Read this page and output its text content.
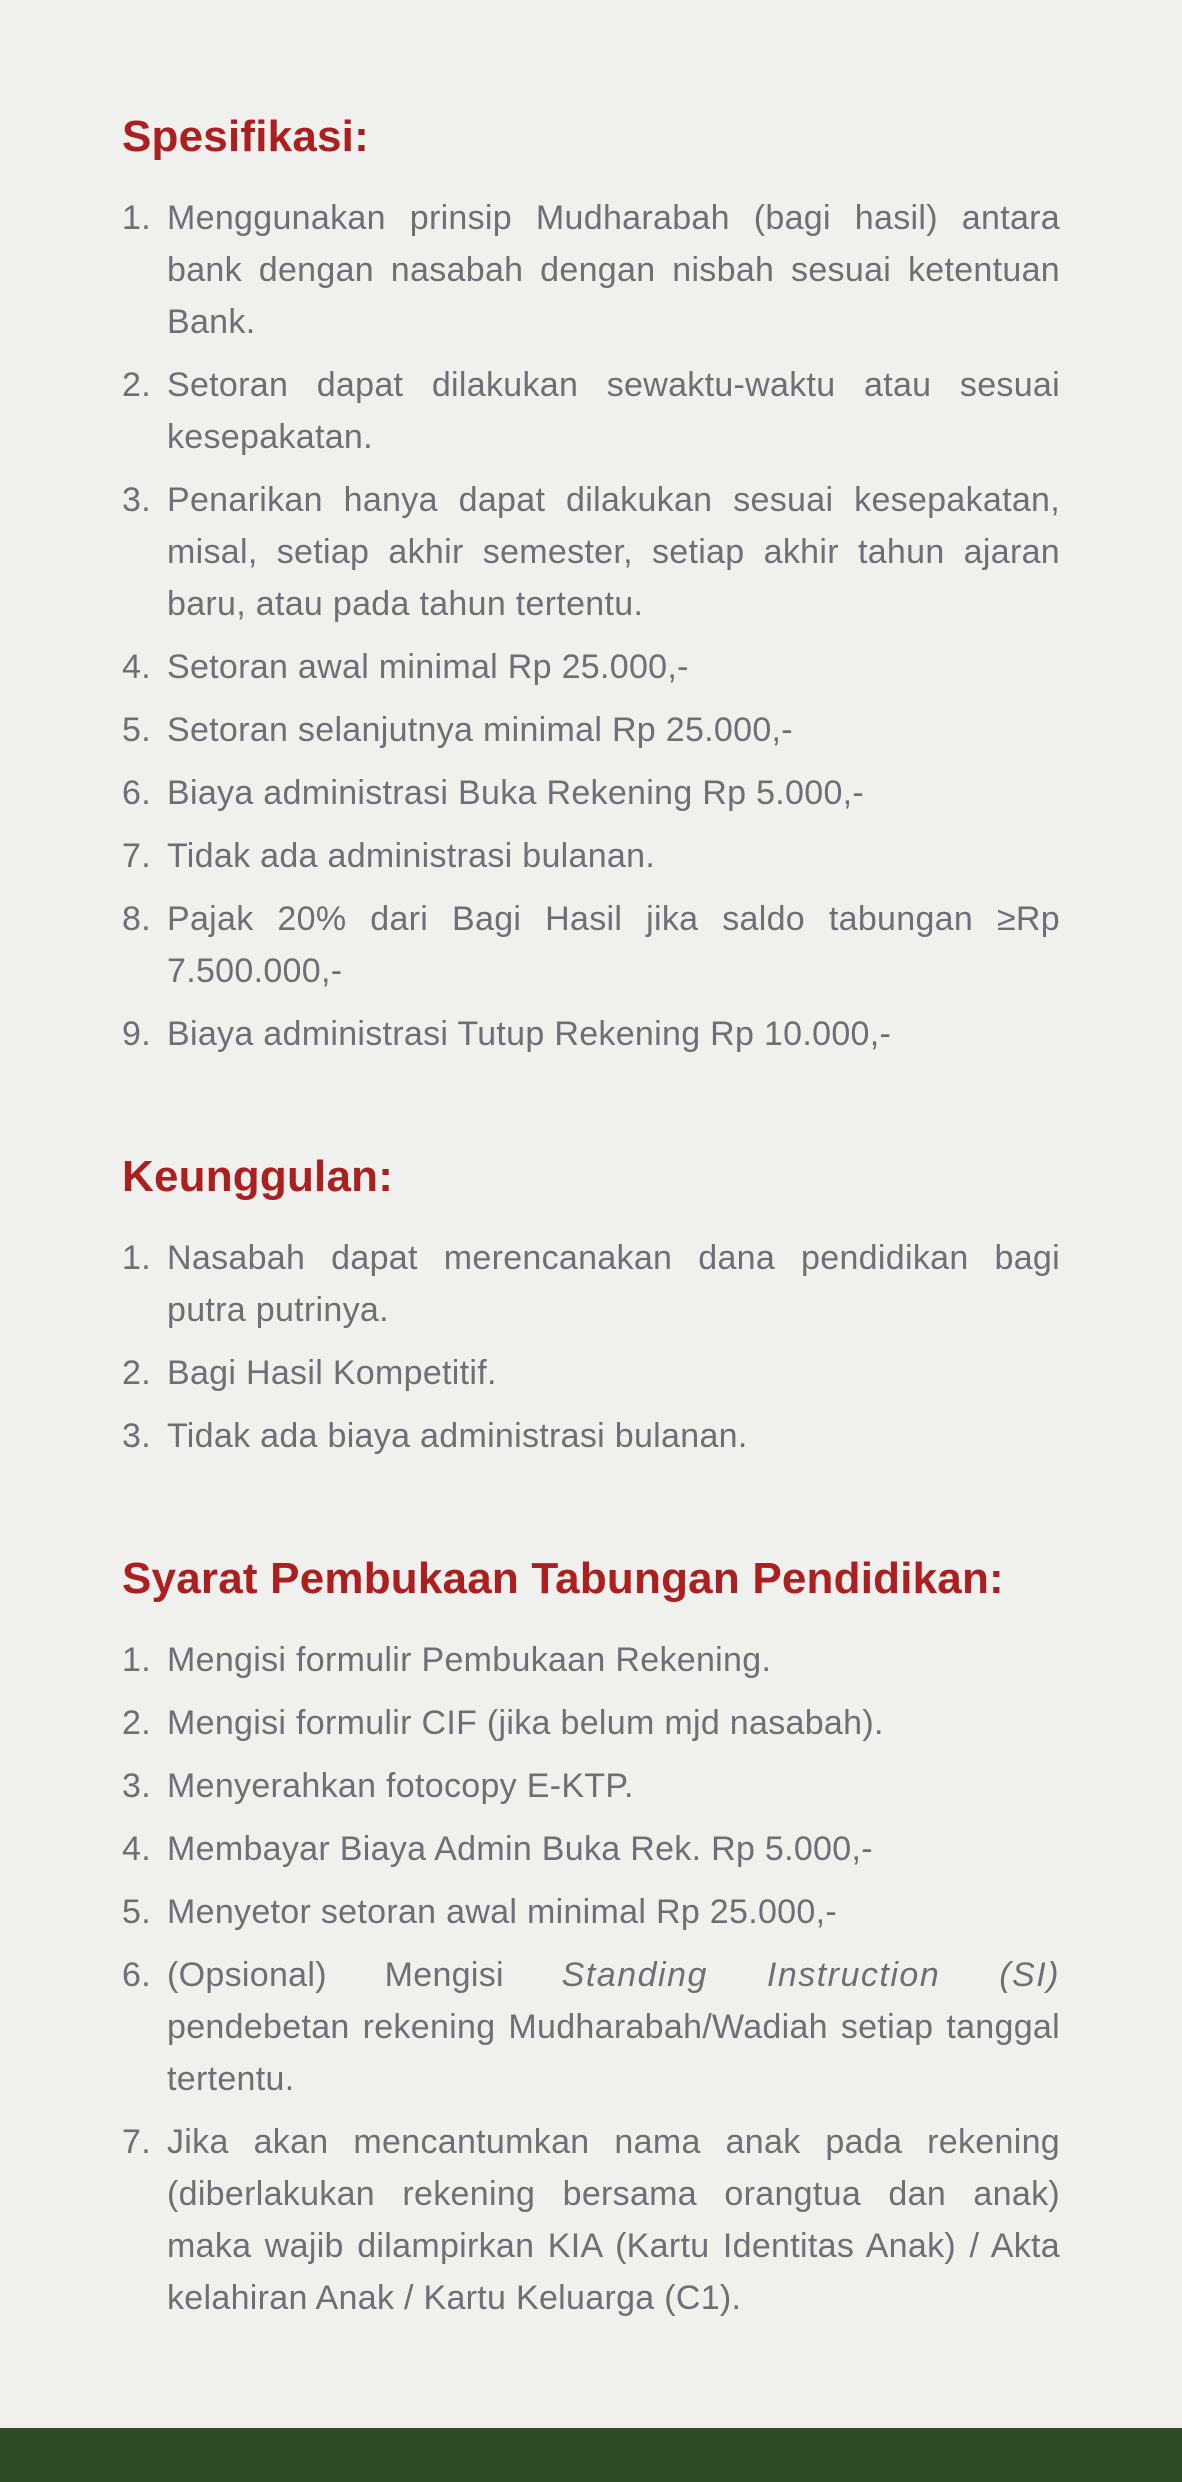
Spesifikasi:
1. Menggunakan prinsip Mudharabah (bagi hasil) antara bank dengan nasabah dengan nisbah sesuai ketentuan Bank.
2. Setoran dapat dilakukan sewaktu-waktu atau sesuai kesepakatan.
3. Penarikan hanya dapat dilakukan sesuai kesepakatan, misal, setiap akhir semester, setiap akhir tahun ajaran baru, atau pada tahun tertentu.
4. Setoran awal minimal Rp 25.000,-
5. Setoran selanjutnya minimal Rp 25.000,-
6. Biaya administrasi Buka Rekening Rp 5.000,-
7. Tidak ada administrasi bulanan.
8. Pajak 20% dari Bagi Hasil jika saldo tabungan ≥Rp 7.500.000,-
9. Biaya administrasi Tutup Rekening Rp 10.000,-
Keunggulan:
1. Nasabah dapat merencanakan dana pendidikan bagi putra putrinya.
2. Bagi Hasil Kompetitif.
3. Tidak ada biaya administrasi bulanan.
Syarat Pembukaan Tabungan Pendidikan:
1. Mengisi formulir Pembukaan Rekening.
2. Mengisi formulir CIF (jika belum mjd nasabah).
3. Menyerahkan fotocopy E-KTP.
4. Membayar Biaya Admin Buka Rek. Rp 5.000,-
5. Menyetor setoran awal minimal Rp 25.000,-
6. (Opsional) Mengisi Standing Instruction (SI) pendebetan rekening Mudharabah/Wadiah setiap tanggal tertentu.
7. Jika akan mencantumkan nama anak pada rekening (diberlakukan rekening bersama orangtua dan anak) maka wajib dilampirkan KIA (Kartu Identitas Anak) / Akta kelahiran Anak / Kartu Keluarga (C1).
